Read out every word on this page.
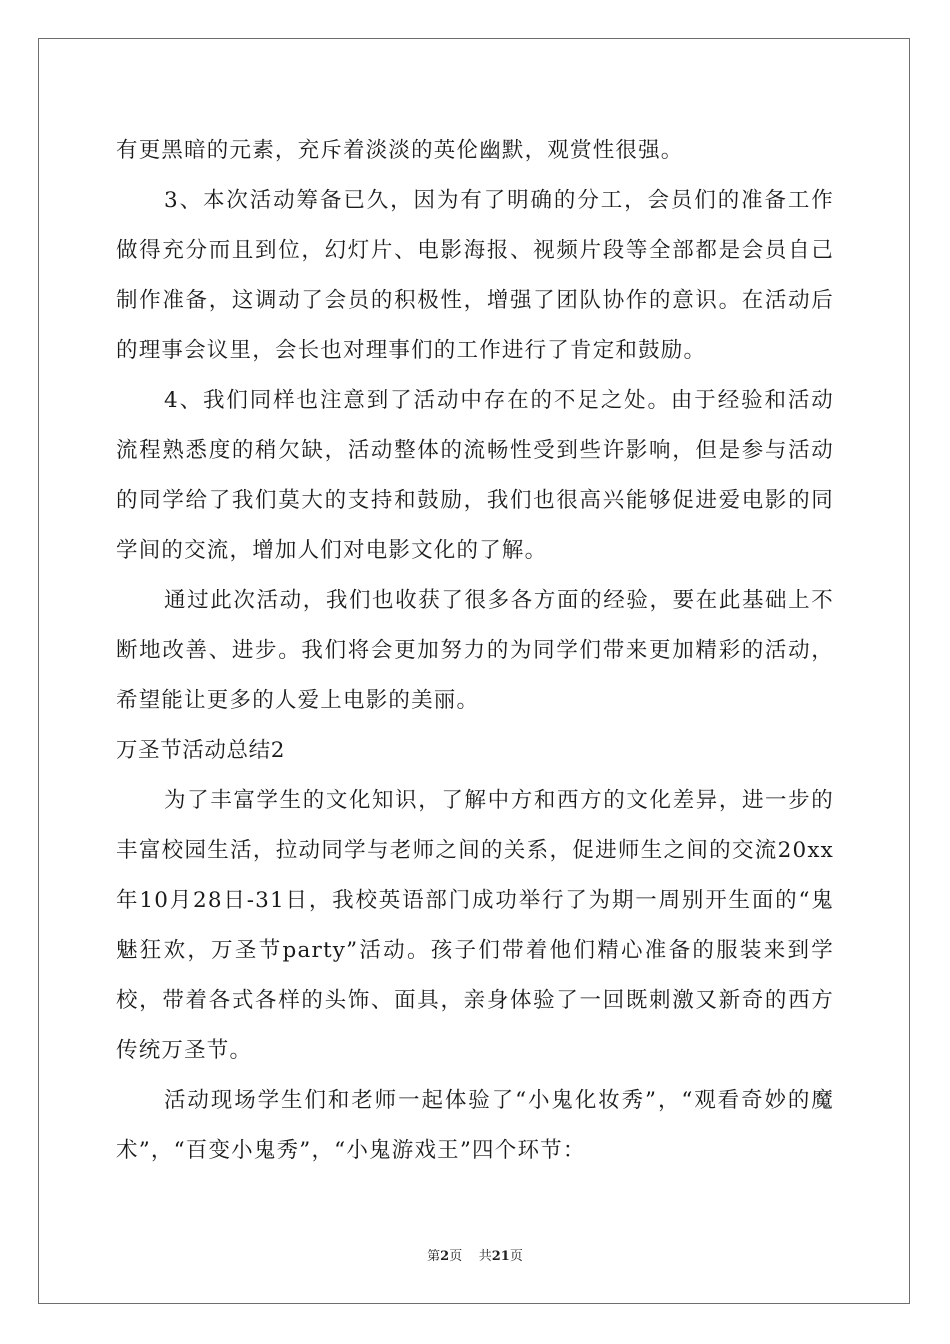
有更黑暗的元素，充斥着淡淡的英伦幽默，观赏性很强。

3、本次活动筹备已久，因为有了明确的分工，会员们的准备工作做得充分而且到位，幻灯片、电影海报、视频片段等全部都是会员自己制作准备，这调动了会员的积极性，增强了团队协作的意识。在活动后的理事会议里，会长也对理事们的工作进行了肯定和鼓励。

4、我们同样也注意到了活动中存在的不足之处。由于经验和活动流程熟悉度的稍欠缺，活动整体的流畅性受到些许影响，但是参与活动的同学给了我们莫大的支持和鼓励，我们也很高兴能够促进爱电影的同学间的交流，增加人们对电影文化的了解。

通过此次活动，我们也收获了很多各方面的经验，要在此基础上不断地改善、进步。我们将会更加努力的为同学们带来更加精彩的活动，希望能让更多的人爱上电影的美丽。

万圣节活动总结2

为了丰富学生的文化知识，了解中方和西方的文化差异，进一步的丰富校园生活，拉动同学与老师之间的关系，促进师生之间的交流20xx年10月28日-31日，我校英语部门成功举行了为期一周别开生面的“鬼魅狂欢，万圣节party”活动。孩子们带着他们精心准备的服装来到学校，带着各式各样的头饰、面具，亲身体验了一回既刺激又新奇的西方传统万圣节。

活动现场学生们和老师一起体验了“小鬼化妆秀”，“观看奇妙的魔术”，“百变小鬼秀”，“小鬼游戏王”四个环节：

第2页 共21页
